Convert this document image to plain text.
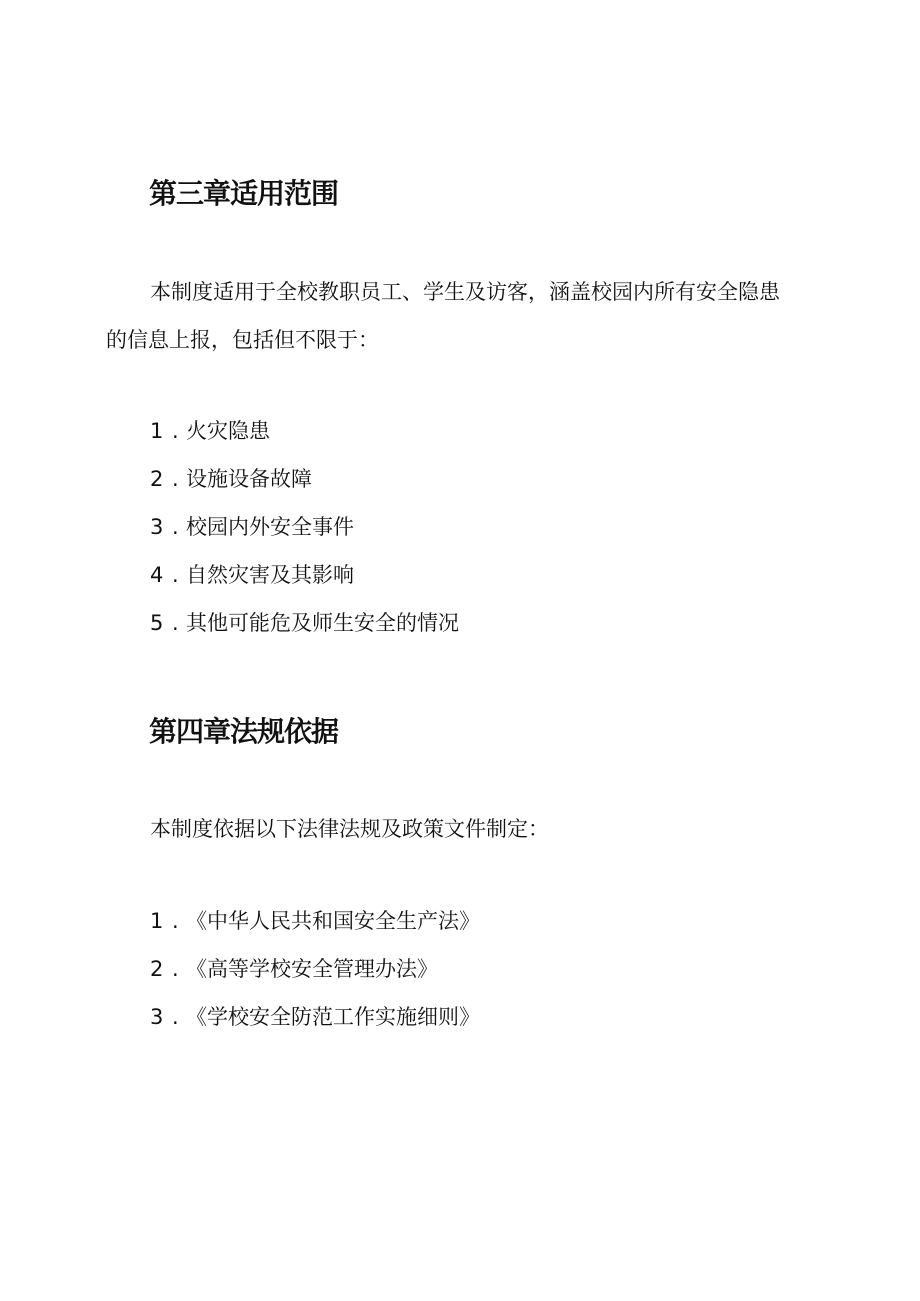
第三章适用范围

本制度适用于全校教职员工、学生及访客，涵盖校园内所有安全隐患
的信息上报，包括但不限于：

1 . 火灾隐患
2 . 设施设备故障
3 . 校园内外安全事件
4 . 自然灾害及其影响
5 . 其他可能危及师生安全的情况
第四章法规依据

本制度依据以下法律法规及政策文件制定：

1 . 《中华人民共和国安全生产法》
2 . 《高等学校安全管理办法》
3 . 《学校安全防范工作实施细则》
